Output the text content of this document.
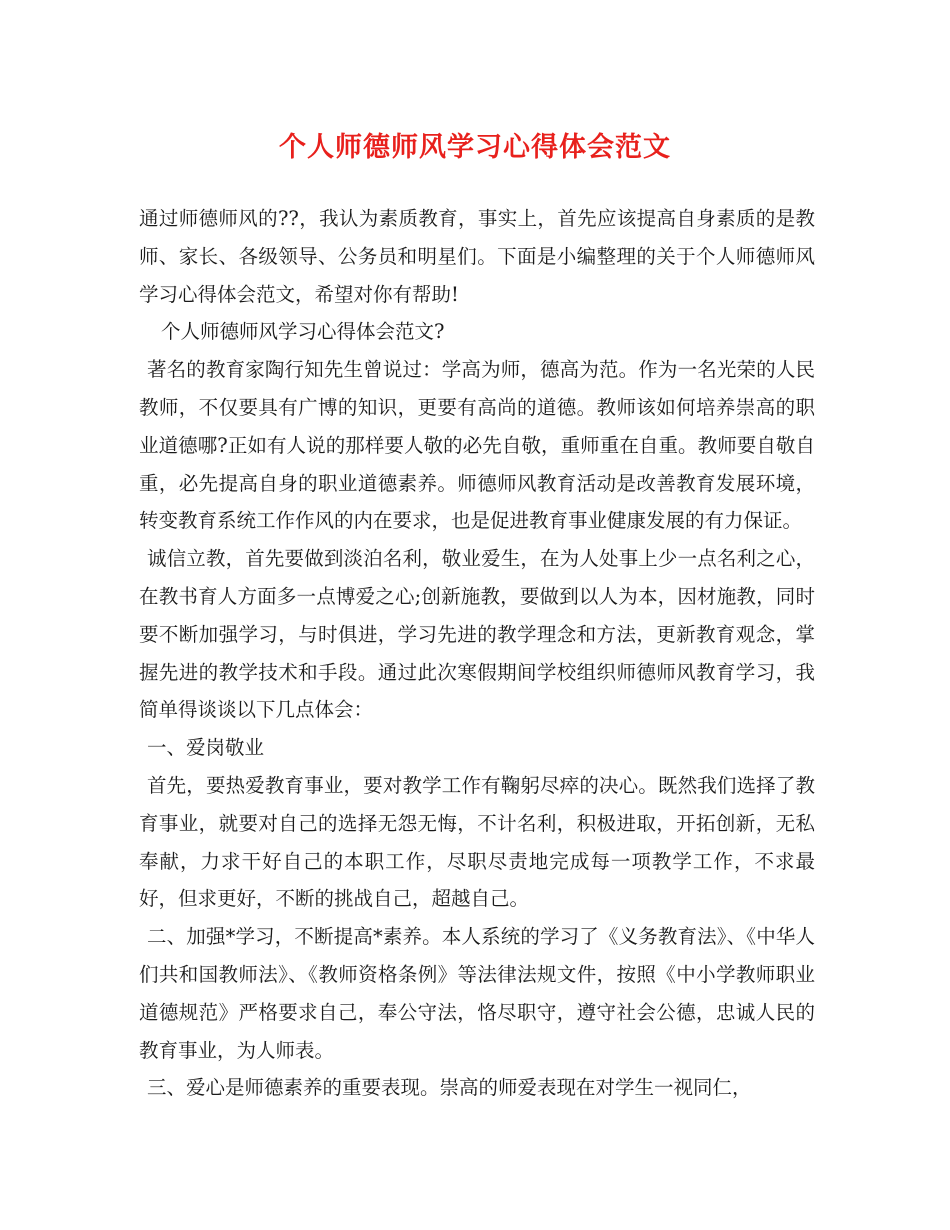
个人师德师风学习心得体会范文

通过师德师风的??，我认为素质教育，事实上，首先应该提高自身素质的是教师、家长、各级领导、公务员和明星们。下面是小编整理的关于个人师德师风学习心得体会范文，希望对你有帮助!

个人师德师风学习心得体会范文?

著名的教育家陶行知先生曾说过：学高为师，德高为范。作为一名光荣的人民教师，不仅要具有广博的知识，更要有高尚的道德。教师该如何培养崇高的职业道德哪?正如有人说的那样要人敬的必先自敬，重师重在自重。教师要自敬自重，必先提高自身的职业道德素养。师德师风教育活动是改善教育发展环境，转变教育系统工作作风的内在要求，也是促进教育事业健康发展的有力保证。

诚信立教，首先要做到淡泊名利，敬业爱生，在为人处事上少一点名利之心，在教书育人方面多一点博爱之心;创新施教，要做到以人为本，因材施教，同时要不断加强学习，与时俱进，学习先进的教学理念和方法，更新教育观念，掌握先进的教学技术和手段。通过此次寒假期间学校组织师德师风教育学习，我简单得谈谈以下几点体会：

一、爱岗敬业

首先，要热爱教育事业，要对教学工作有鞠躬尽瘁的决心。既然我们选择了教育事业，就要对自己的选择无怨无悔，不计名利，积极进取，开拓创新，无私奉献，力求干好自己的本职工作，尽职尽责地完成每一项教学工作，不求最好，但求更好，不断的挑战自己，超越自己。

二、加强*学习，不断提高*素养。本人系统的学习了《义务教育法》、《中华人们共和国教师法》、《教师资格条例》等法律法规文件，按照《中小学教师职业道德规范》严格要求自己，奉公守法，恪尽职守，遵守社会公德，忠诚人民的教育事业，为人师表。

三、爱心是师德素养的重要表现。崇高的师爱表现在对学生一视同仁，
